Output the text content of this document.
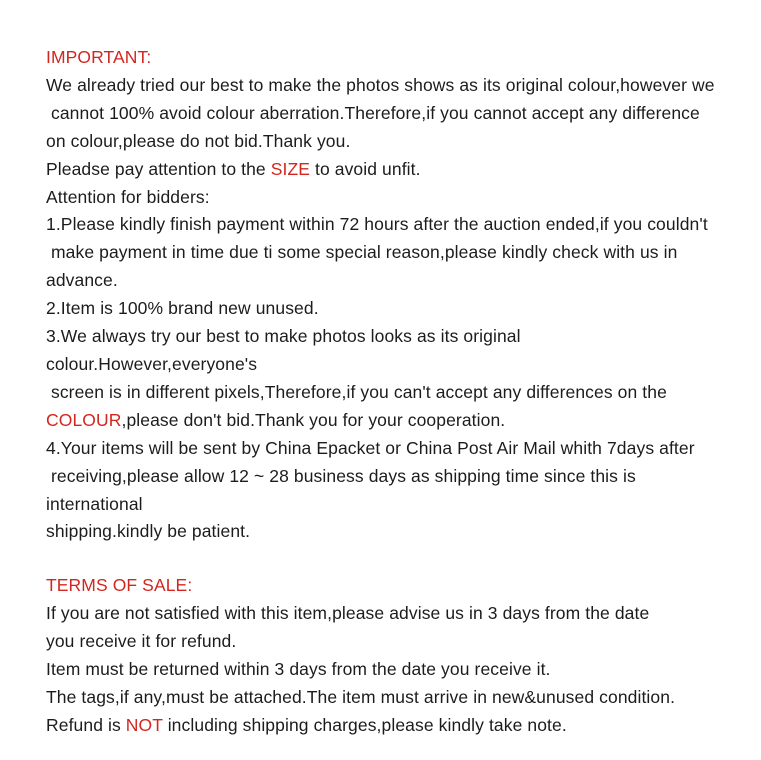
IMPORTANT:
We already tried our best to make the photos shows as its original colour,however we
cannot 100% avoid colour aberration.Therefore,if you cannot accept any difference
on colour,please do not bid.Thank you.
Pleadse pay attention to the SIZE to avoid unfit.
Attention for bidders:
1.Please kindly finish payment within 72 hours after the auction ended,if you couldn't
make payment in time due ti some special reason,please kindly check with us in
advance.
2.Item is 100% brand new unused.
3.We always try our best to make photos looks as its original colour.However,everyone's
screen is in different pixels,Therefore,if you can't accept any differences on the
COLOUR,please don't bid.Thank you for your cooperation.
4.Your items will be sent by China Epacket or China Post Air Mail whith 7days after
receiving,please allow 12 ~ 28 business days as shipping time since this is international
shipping.kindly be patient.
TERMS OF SALE:
If you are not satisfied with this item,please advise us in 3 days from the date
you receive it for refund.
Item must be returned within 3 days from the date you receive it.
The tags,if any,must be attached.The item must arrive in new&unused condition.
Refund is NOT including shipping charges,please kindly take note.
